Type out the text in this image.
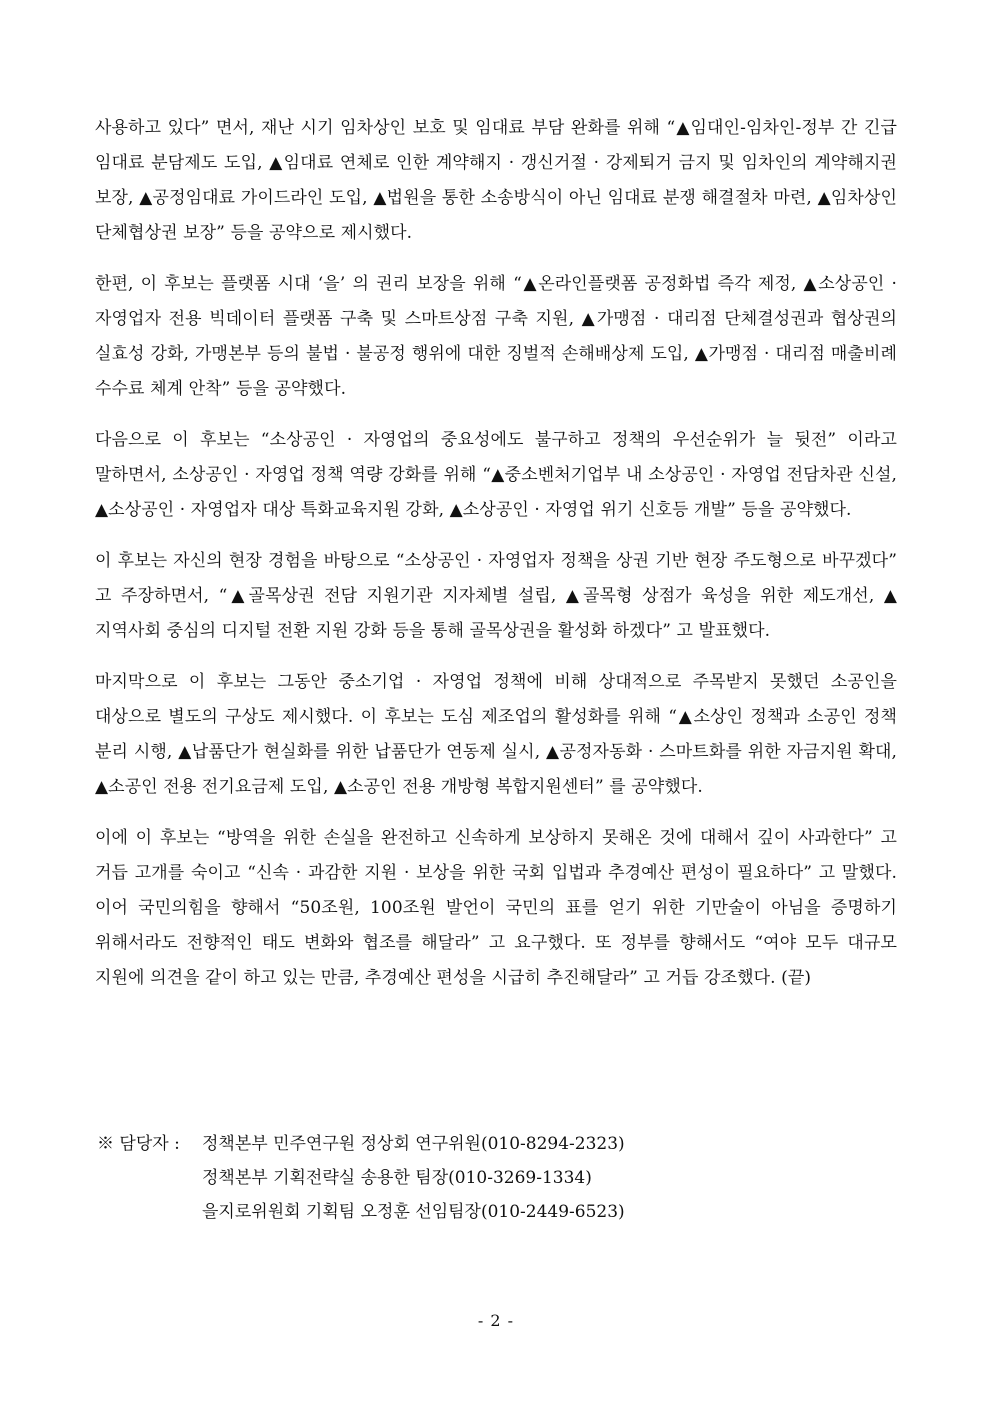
사용하고 있다” 면서, 재난 시기 임차상인 보호 및 임대료 부담 완화를 위해 “▲임대인-임차인-정부 간 긴급 임대료 분담제도 도입, ▲임대료 연체로 인한 계약해지 · 갱신거절 · 강제퇴거 금지 및 임차인의 계약해지권 보장, ▲공정임대료 가이드라인 도입, ▲법원을 통한 소송방식이 아닌 임대료 분쟁 해결절차 마련, ▲임차상인 단체협상권 보장” 등을 공약으로 제시했다.

한편, 이 후보는 플랫폼 시대 ‘을’ 의 권리 보장을 위해 “▲온라인플랫폼 공정화법 즉각 제정, ▲소상공인 · 자영업자 전용 빅데이터 플랫폼 구축 및 스마트상점 구축 지원, ▲가맹점 · 대리점 단체결성권과 협상권의 실효성 강화, 가맹본부 등의 불법 · 불공정 행위에 대한 징벌적 손해배상제 도입, ▲가맹점 · 대리점 매출비례 수수료 체계 안착” 등을 공약했다.

다음으로 이 후보는 “소상공인 · 자영업의 중요성에도 불구하고 정책의 우선순위가 늘 뒷전” 이라고 말하면서, 소상공인 · 자영업 정책 역량 강화를 위해 “▲중소벤처기업부 내 소상공인 · 자영업 전담차관 신설, ▲소상공인 · 자영업자 대상 특화교육지원 강화, ▲소상공인 · 자영업 위기 신호등 개발” 등을 공약했다.

이 후보는 자신의 현장 경험을 바탕으로 “소상공인 · 자영업자 정책을 상권 기반 현장 주도형으로 바꾸겠다” 고 주장하면서, “▲골목상권 전담 지원기관 지자체별 설립, ▲골목형 상점가 육성을 위한 제도개선, ▲지역사회 중심의 디지털 전환 지원 강화 등을 통해 골목상권을 활성화 하겠다” 고 발표했다.

마지막으로 이 후보는 그동안 중소기업 · 자영업 정책에 비해 상대적으로 주목받지 못했던 소공인을 대상으로 별도의 구상도 제시했다. 이 후보는 도심 제조업의 활성화를 위해 “▲소상인 정책과 소공인 정책 분리 시행, ▲납품단가 현실화를 위한 납품단가 연동제 실시, ▲공정자동화 · 스마트화를 위한 자금지원 확대, ▲소공인 전용 전기요금제 도입, ▲소공인 전용 개방형 복합지원센터” 를 공약했다.

이에 이 후보는 “방역을 위한 손실을 완전하고 신속하게 보상하지 못해온 것에 대해서 깊이 사과한다” 고 거듭 고개를 숙이고 “신속 · 과감한 지원 · 보상을 위한 국회 입법과 추경예산 편성이 필요하다” 고 말했다. 이어 국민의힘을 향해서 “50조원, 100조원 발언이 국민의 표를 얻기 위한 기만술이 아님을 증명하기 위해서라도 전향적인 태도 변화와 협조를 해달라” 고 요구했다. 또 정부를 향해서도 “여야 모두 대규모 지원에 의견을 같이 하고 있는 만큼, 추경예산 편성을 시급히 추진해달라” 고 거듭 강조했다. (끝)

※ 담당자 :	정책본부 민주연구원 정상회 연구위원(010-8294-2323)
정책본부 기획전략실 송용한 팀장(010-3269-1334)
을지로위원회 기획팀 오정훈 선임팀장(010-2449-6523)
- 2 -
